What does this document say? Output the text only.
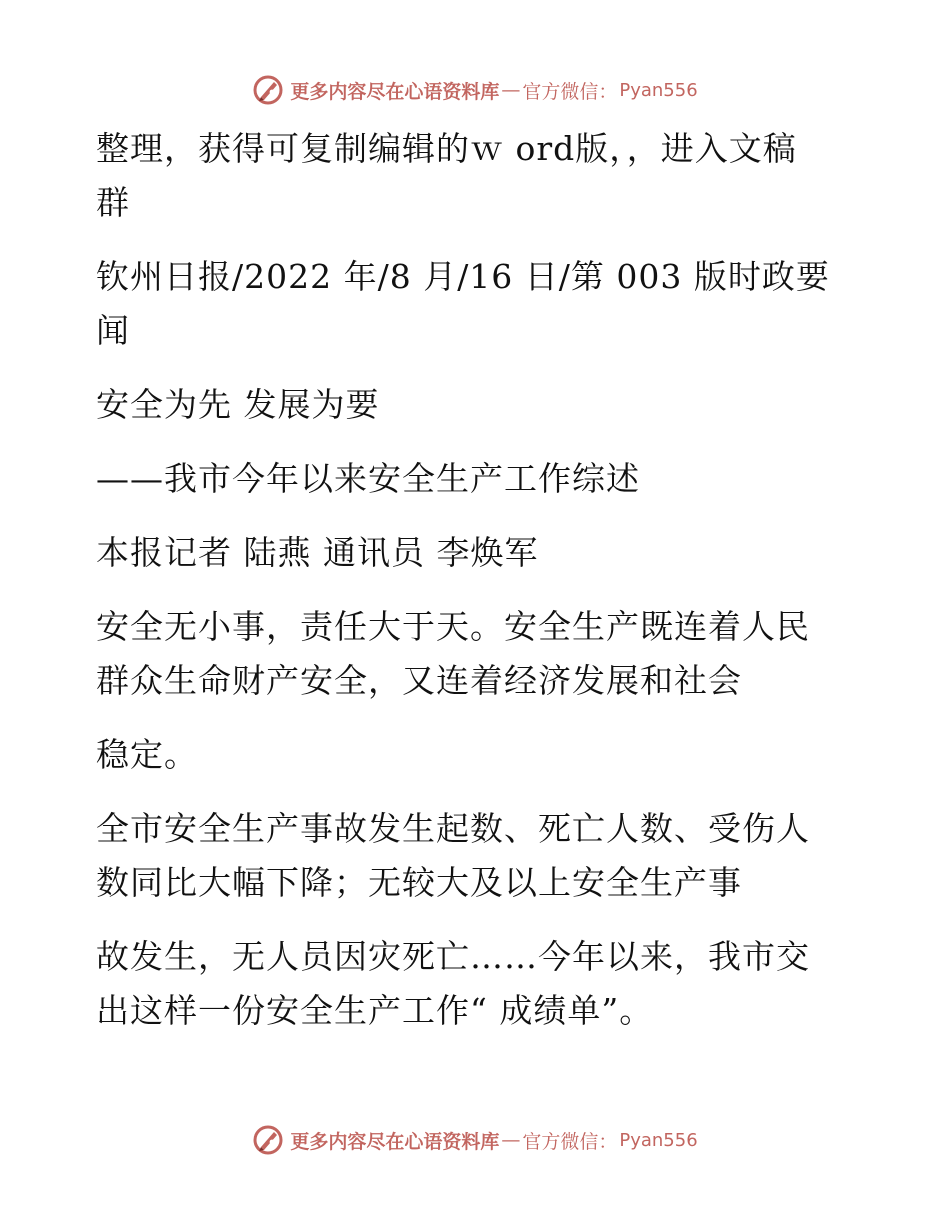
更多内容尽在心语资料库 — 官方微信： Pyan556

整理，获得可复制编辑的ｗ ord版，，进入文稿
群

钦州日报/2022 年/8 月/16 日/第 003 版时政要
闻

安全为先 发展为要

——我市今年以来安全生产工作综述

本报记者 陆燕 通讯员 李焕军

安全无小事，责任大于天。安全生产既连着人民
群众生命财产安全，又连着经济发展和社会

稳定。

全市安全生产事故发生起数、死亡人数、受伤人
数同比大幅下降；无较大及以上安全生产事

故发生，无人员因灾死亡……今年以来，我市交
出这样一份安全生产工作“ 成绩单”。

更多内容尽在心语资料库 — 官方微信： Pyan556
